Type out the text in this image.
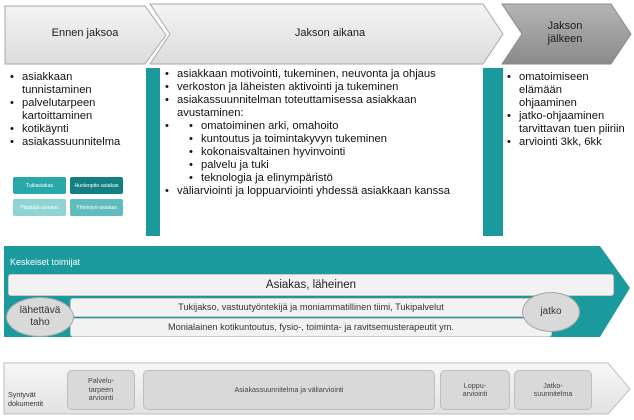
Ennen jaksoa	Jakson aikana
Jakson
jälkeen
• asiakkaan tunnistaminen
• palvelutarpeen kartoittaminen
• kotikäynti
• asiakassuunnitelma
Tukiasiakas	Huolenpito-asiakas
Pärjääjä-asiakas	Yhteistyö-asiakas
• asiakkaan motivointi, tukeminen, neuvonta ja ohjaus
• verkoston ja läheisten aktivointi ja tukeminen
• asiakassuunnitelman toteuttamisessa asiakkaan avustaminen:
• • omatoiminen arki, omahoito
• kuntoutus ja toimintakyvyn tukeminen
• kokonaisvaltainen hyvinvointi
• palvelu ja tuki
• teknologia ja elinympäristö
• väliarviointi ja loppuarviointi yhdessä asiakkaan kanssa
• omatoimiseen elämään ohjaaminen
• jatko-ohjaaminen tarvittavan tuen piiriin
• arviointi 3kk, 6kk
Keskeiset toimijat
Asiakas, läheinen
Tukijakso, vastuutyöntekijä ja moniammatillinen tiimi, Tukipalvelut
Monialainen kotikuntoutus, fysio-, toiminta- ja ravitsemusterapeutit ym.
lähettävä
taho
jatko
Syntyvät
dokumentit
Palvelu-
tarpeen
arviointi
Asiakassuunnitelma ja väliarviointi	Loppu-
arviointi
Jatko-
suunnitelma
